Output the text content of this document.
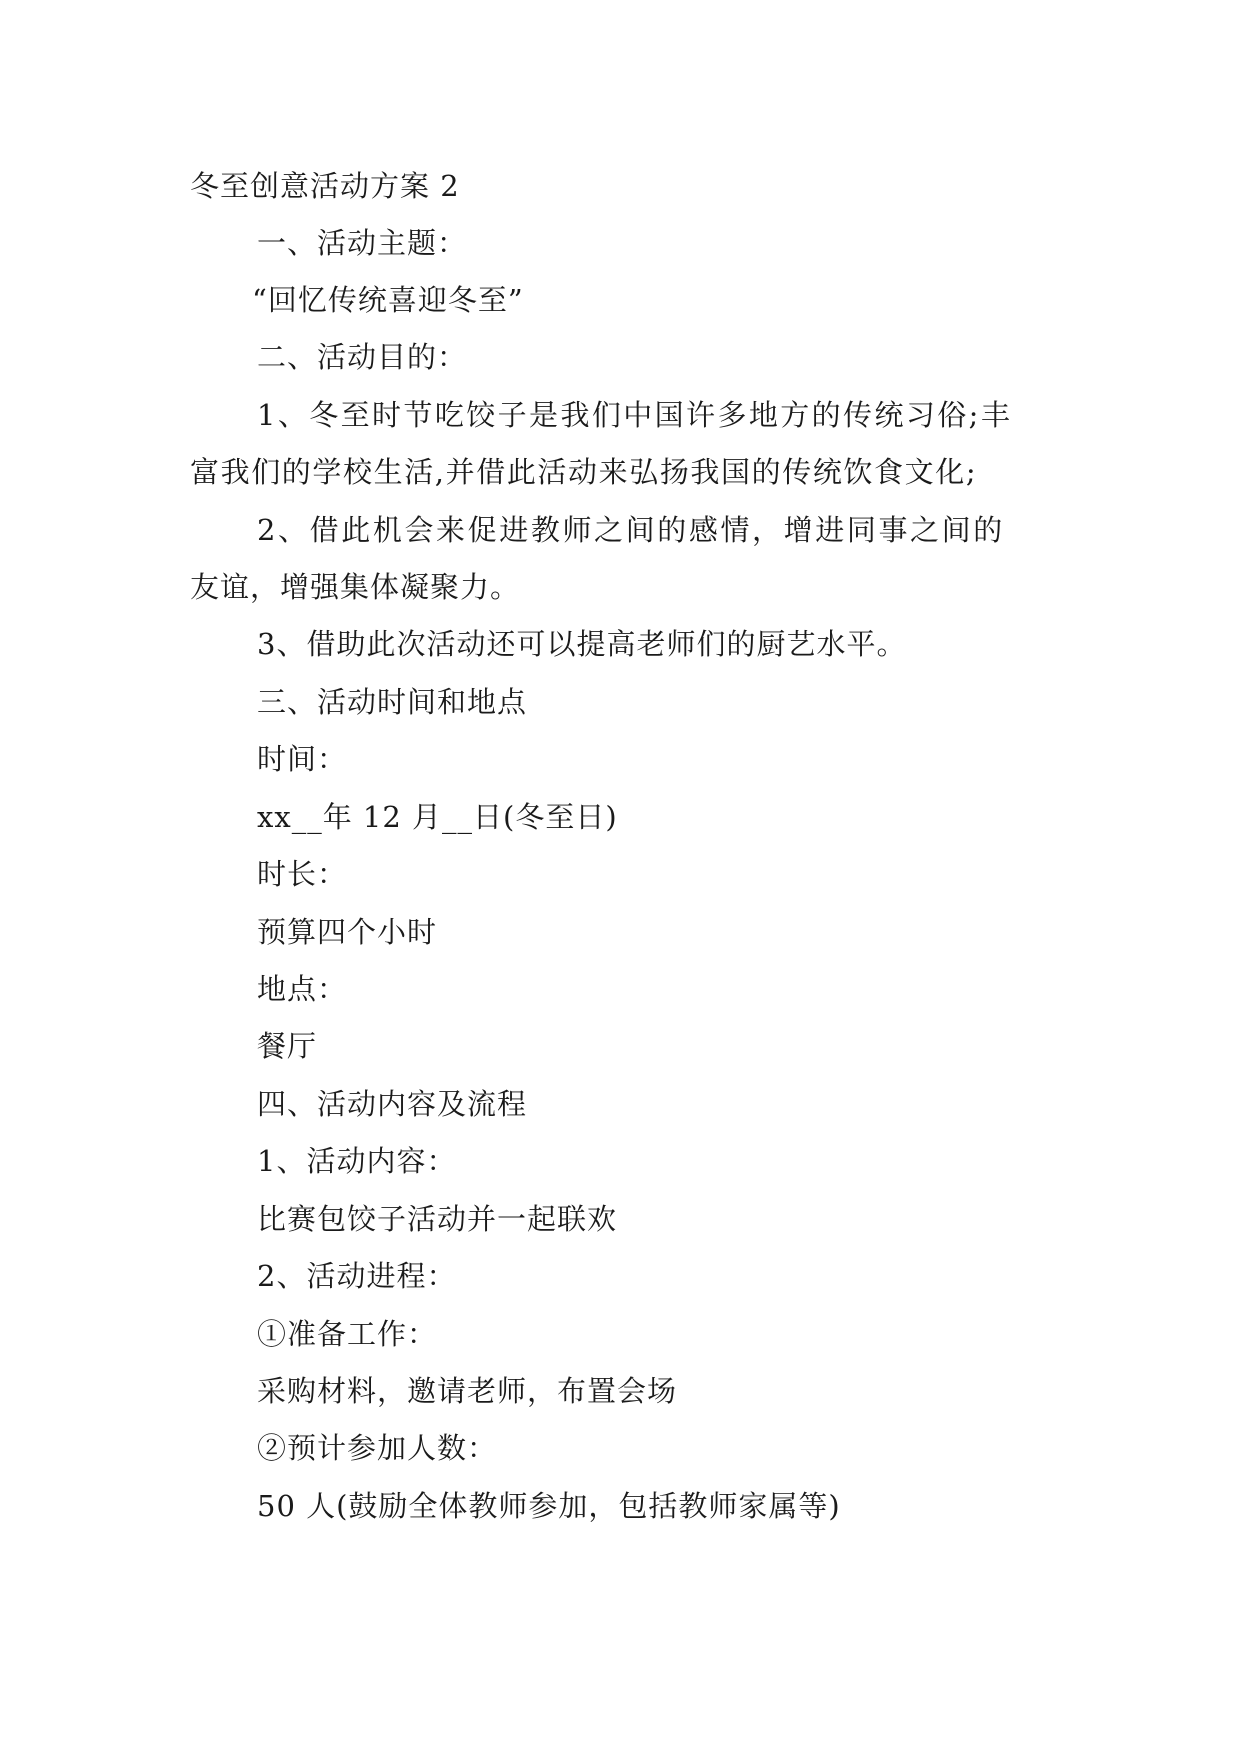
冬至创意活动方案 2
一、活动主题：
“回忆传统喜迎冬至”
二、活动目的：
1、冬至时节吃饺子是我们中国许多地方的传统习俗;丰
富我们的学校生活,并借此活动来弘扬我国的传统饮食文化;
2、借此机会来促进教师之间的感情，增进同事之间的
友谊，增强集体凝聚力。
3、借助此次活动还可以提高老师们的厨艺水平。
三、活动时间和地点
时间：
xx__年 12 月__日(冬至日)
时长：
预算四个小时
地点：
餐厅
四、活动内容及流程
1、活动内容：
比赛包饺子活动并一起联欢
2、活动进程：
①准备工作：
采购材料，邀请老师，布置会场
②预计参加人数：
50 人(鼓励全体教师参加，包括教师家属等)
